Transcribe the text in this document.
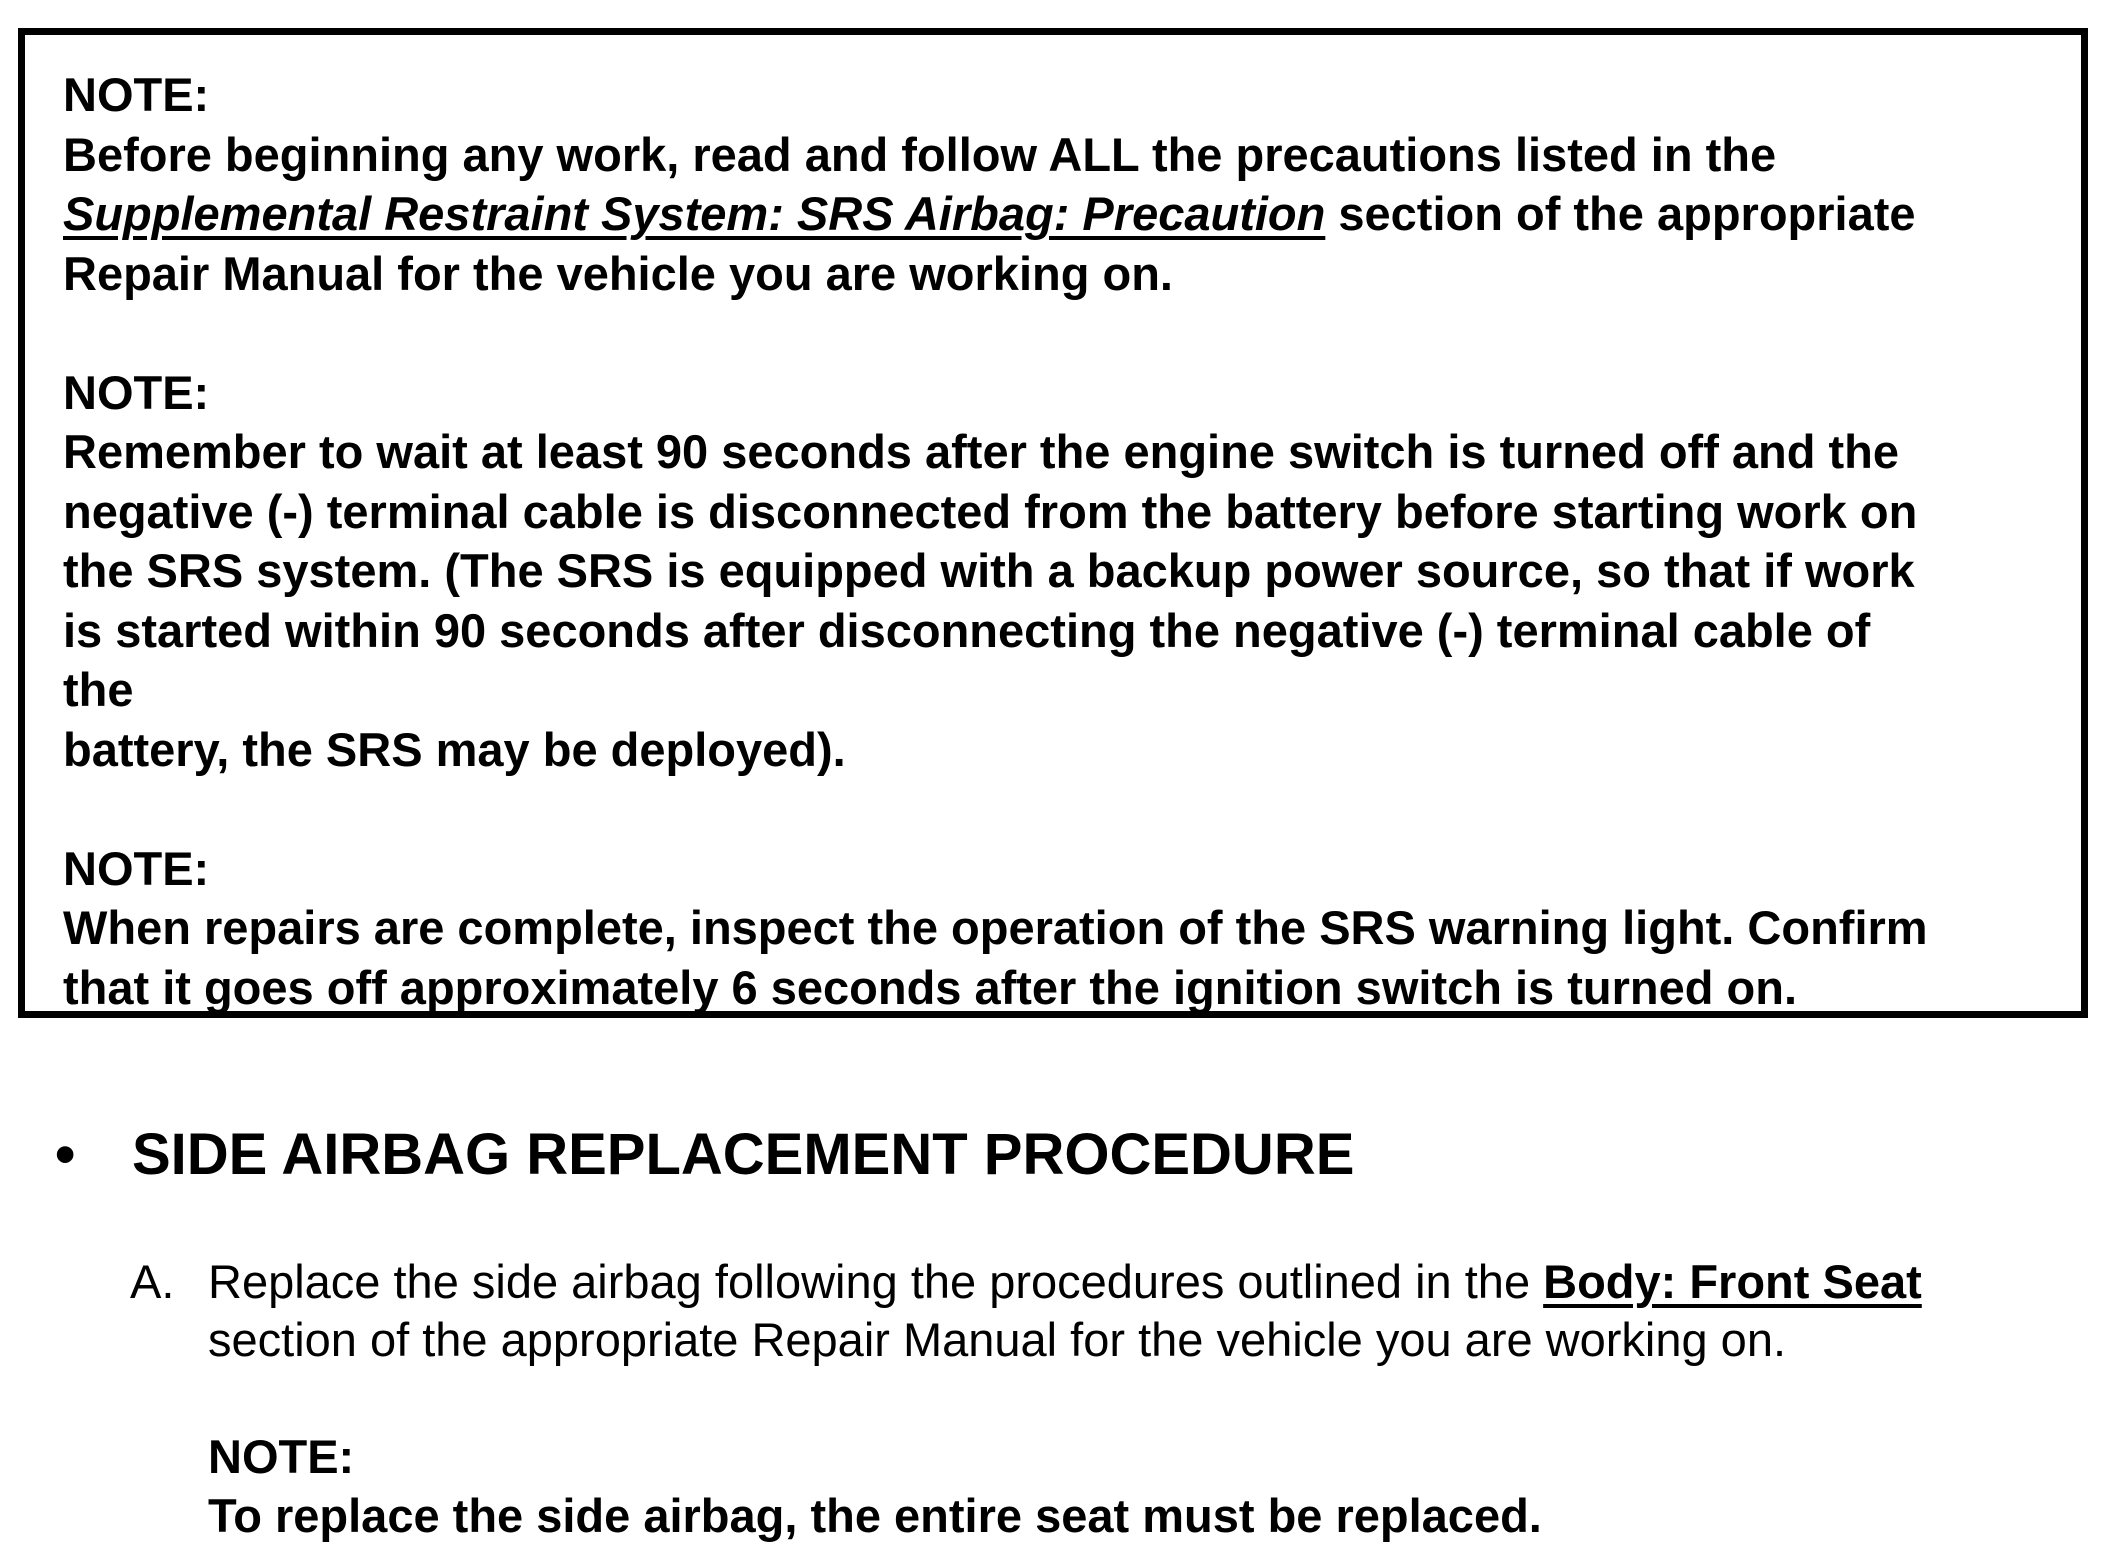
NOTE:
Before beginning any work, read and follow ALL the precautions listed in the Supplemental Restraint System: SRS Airbag: Precaution section of the appropriate Repair Manual for the vehicle you are working on.
NOTE:
Remember to wait at least 90 seconds after the engine switch is turned off and the
negative (-) terminal cable is disconnected from the battery before starting work on
the SRS system. (The SRS is equipped with a backup power source, so that if work
is started within 90 seconds after disconnecting the negative (-) terminal cable of
the
battery, the SRS may be deployed).
NOTE:
When repairs are complete, inspect the operation of the SRS warning light. Confirm
that it goes off approximately 6 seconds after the ignition switch is turned on.
• SIDE AIRBAG REPLACEMENT PROCEDURE
A. Replace the side airbag following the procedures outlined in the Body: Front Seat
section of the appropriate Repair Manual for the vehicle you are working on.
NOTE:
To replace the side airbag, the entire seat must be replaced.
